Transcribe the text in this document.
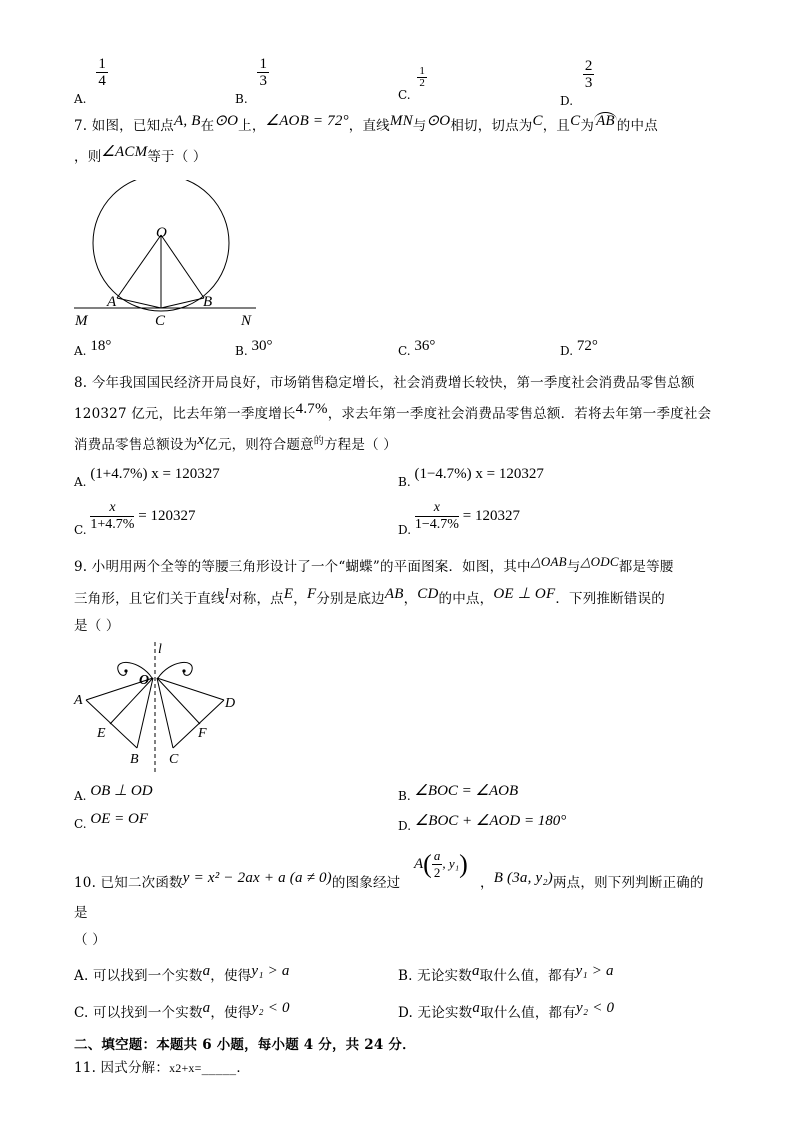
A.
$\frac{1}{4}$
B.
$\frac{1}{3}$
C.
$\frac{1}{2}$
D.
$\frac{2}{3}$
7. 如图，已知点A, B在⊙O上，∠AOB = 72°，直线MN与⊙O相切，切点为C，且C为 AB 的中点
，则∠ACM等于（ ）
O
A	B
C
M	N
A. 18°	B. 30°	C. 36°	D. 72°
8. 今年我国国民经济开局良好，市场销售稳定增长，社会消费增长较快，第一季度社会消费品零售总额
120327 亿元，比去年第一季度增长4.7%，求去年第一季度社会消费品零售总额．若将去年第一季度社会
消费品零售总额设为x亿元，则符合题意$^的$方程是（ ）
A. (1+4.7%) x = 120327	B. (1−4.7%) x = 120327
C. $\frac{x}{1+4.7\%} = 120327$
D. $\frac{x}{1-4.7\%} = 120327$
9. 小明用两个全等的等腰三角形设计了一个“蝴蝶”的平面图案．如图，其中△OAB与△ODC都是等腰
三角形，且它们关于直线l对称，点E，F分别是底边AB，CD的中点，OE ⊥ OF．下列推断错误的
是（ ）
l
O
A	D
E	F
B C
A. OB ⊥ OD	B. ∠BOC = ∠AOB
C. OE = OF	D. ∠BOC + ∠AOD = 180°
10. 已知二次函数y = x² − 2ax + a (a ≠ 0)的图象经过
$A( \frac{a}{2}$ , y₁)
，B (3a, y₂)两点，则下列判断正确的
是
（ ）
A. 可以找到一个实数a，使得y₁ > a	B. 无论实数a取什么值，都有y₁ > a
C. 可以找到一个实数a，使得y₂ < 0	D. 无论实数a取什么值，都有y₂ < 0
二、填空题：本题共 6 小题，每小题 4 分，共 24 分．
11. 因式分解：x2+x=_____．
